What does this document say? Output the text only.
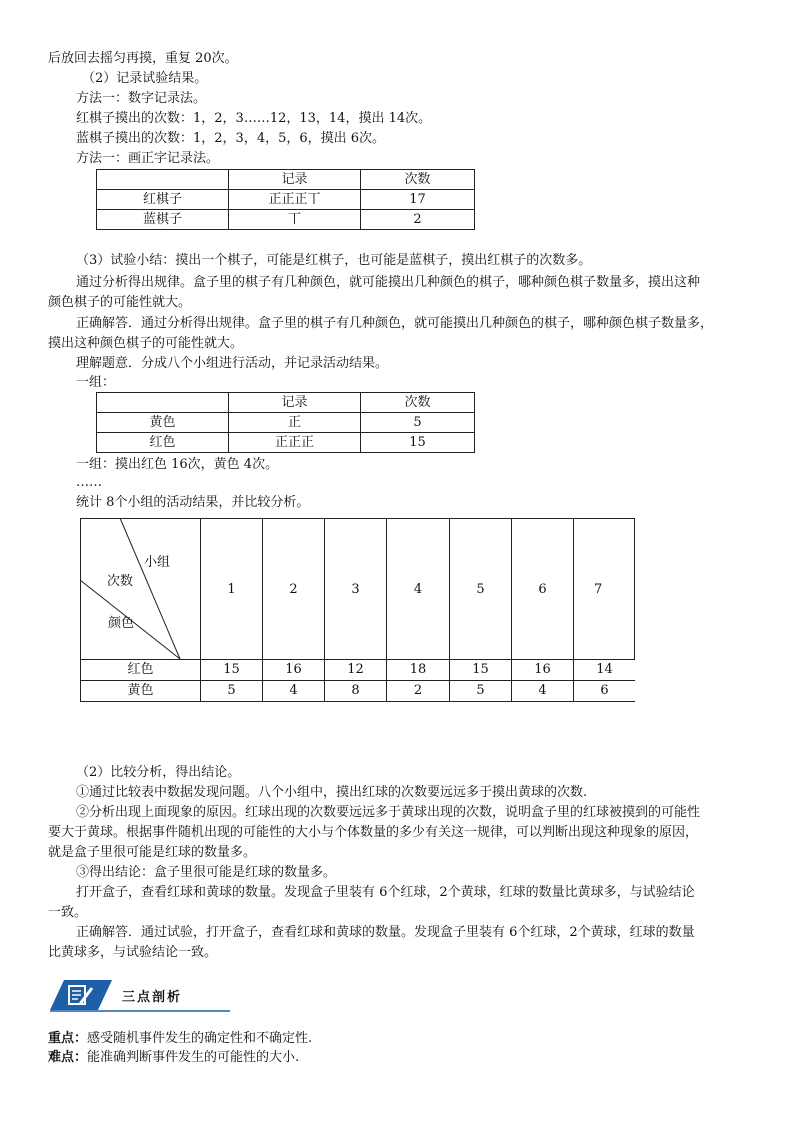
后放回去摇匀再摸，重复 20次。
（2）记录试验结果。
方法一：数字记录法。
红棋子摸出的次数：1，2，3……12，13，14，摸出 14次。
蓝棋子摸出的次数：1，2，3，4，5，6，摸出 6次。
方法一：画正字记录法。
	记录	次数
红棋子	正正正丅	17
蓝棋子	丅	2
（3）试验小结：摸出一个棋子，可能是红棋子，也可能是蓝棋子，摸出红棋子的次数多。
通过分析得出规律。盒子里的棋子有几种颜色，就可能摸出几种颜色的棋子，哪种颜色棋子数量多，摸出这种
颜色棋子的可能性就大。
正确解答．通过分析得出规律。盒子里的棋子有几种颜色，就可能摸出几种颜色的棋子，哪种颜色棋子数量多，
摸出这种颜色棋子的可能性就大。
理解题意．分成八个小组进行活动，并记录活动结果。
一组：
	记录	次数
黄色	正	5
红色	正正正	15
一组：摸出红色 16次，黄色 4次。
……
统计 8个小组的活动结果，并比较分析。
小组
次数
颜色
1	2	3	4	5	6	7
红色	15	16	12	18	15	16	14
黄色	5	4	8	2	5	4	6
（2）比较分析，得出结论。
①通过比较表中数据发现问题。八个小组中，摸出红球的次数要远远多于摸出黄球的次数.
②分析出现上面现象的原因。红球出现的次数要远远多于黄球出现的次数，说明盒子里的红球被摸到的可能性
要大于黄球。根据事件随机出现的可能性的大小与个体数量的多少有关这一规律，可以判断出现这种现象的原因，
就是盒子里很可能是红球的数量多。
③得出结论：盒子里很可能是红球的数量多。
打开盒子，查看红球和黄球的数量。发现盒子里装有 6个红球，2个黄球，红球的数量比黄球多，与试验结论
一致。
正确解答．通过试验，打开盒子，查看红球和黄球的数量。发现盒子里装有 6个红球，2个黄球，红球的数量
比黄球多，与试验结论一致。
三点剖析
重点：感受随机事件发生的确定性和不确定性.
难点：能准确判断事件发生的可能性的大小.
